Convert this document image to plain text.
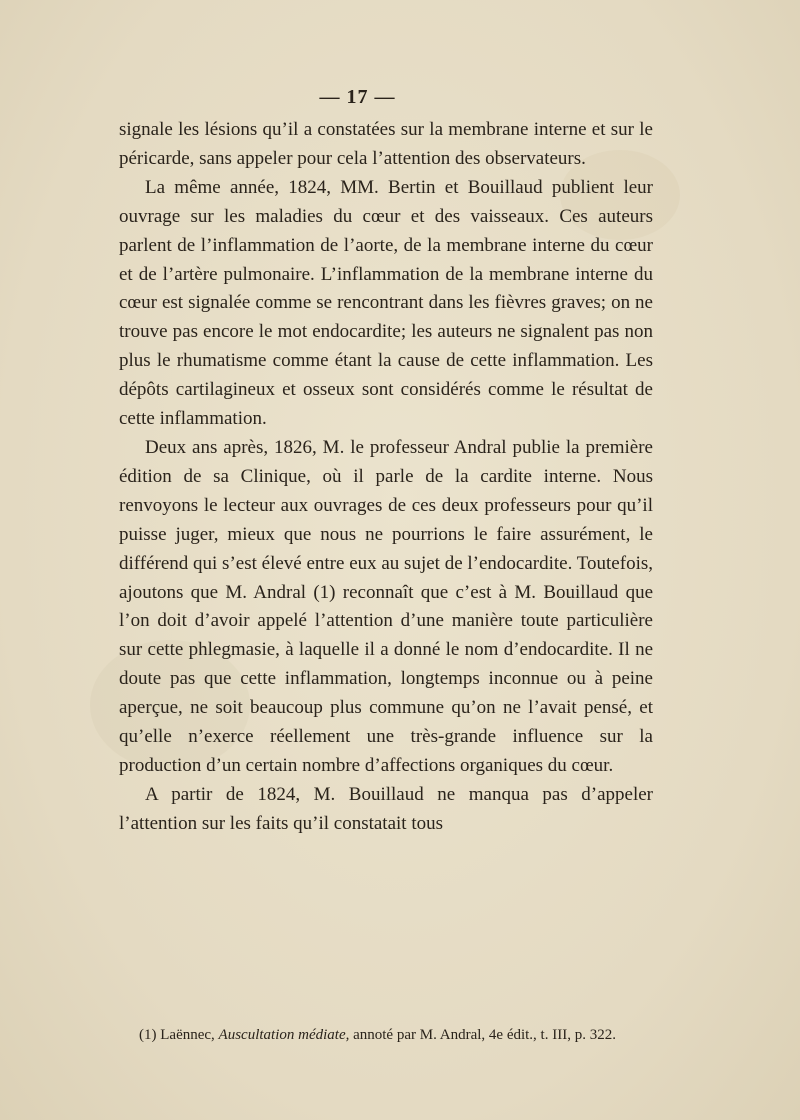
— 17 —

signale les lésions qu’il a constatées sur la membrane interne et sur le péricarde, sans appeler pour cela l’attention des observateurs.

La même année, 1824, MM. Bertin et Bouillaud publient leur ouvrage sur les maladies du cœur et des vaisseaux. Ces auteurs parlent de l’inflammation de l’aorte, de la membrane interne du cœur et de l’artère pulmonaire. L’inflammation de la membrane interne du cœur est signalée comme se rencontrant dans les fièvres graves; on ne trouve pas encore le mot endocardite; les auteurs ne signalent pas non plus le rhumatisme comme étant la cause de cette inflammation. Les dépôts cartilagineux et osseux sont considérés comme le résultat de cette inflammation.

Deux ans après, 1826, M. le professeur Andral publie la première édition de sa Clinique, où il parle de la cardite interne. Nous renvoyons le lecteur aux ouvrages de ces deux professeurs pour qu’il puisse juger, mieux que nous ne pourrions le faire assurément, le différend qui s’est élevé entre eux au sujet de l’endocardite. Toutefois, ajoutons que M. Andral (1) reconnaît que c’est à M. Bouillaud que l’on doit d’avoir appelé l’attention d’une manière toute particulière sur cette phlegmasie, à laquelle il a donné le nom d’endocardite. Il ne doute pas que cette inflammation, longtemps inconnue ou à peine aperçue, ne soit beaucoup plus commune qu’on ne l’avait pensé, et qu’elle n’exerce réellement une très-grande influence sur la production d’un certain nombre d’affections organiques du cœur.

A partir de 1824, M. Bouillaud ne manqua pas d’appeler l’attention sur les faits qu’il constatait tous

(1) Laënnec, Auscultation médiate, annoté par M. Andral, 4e édit., t. III, p. 322.
